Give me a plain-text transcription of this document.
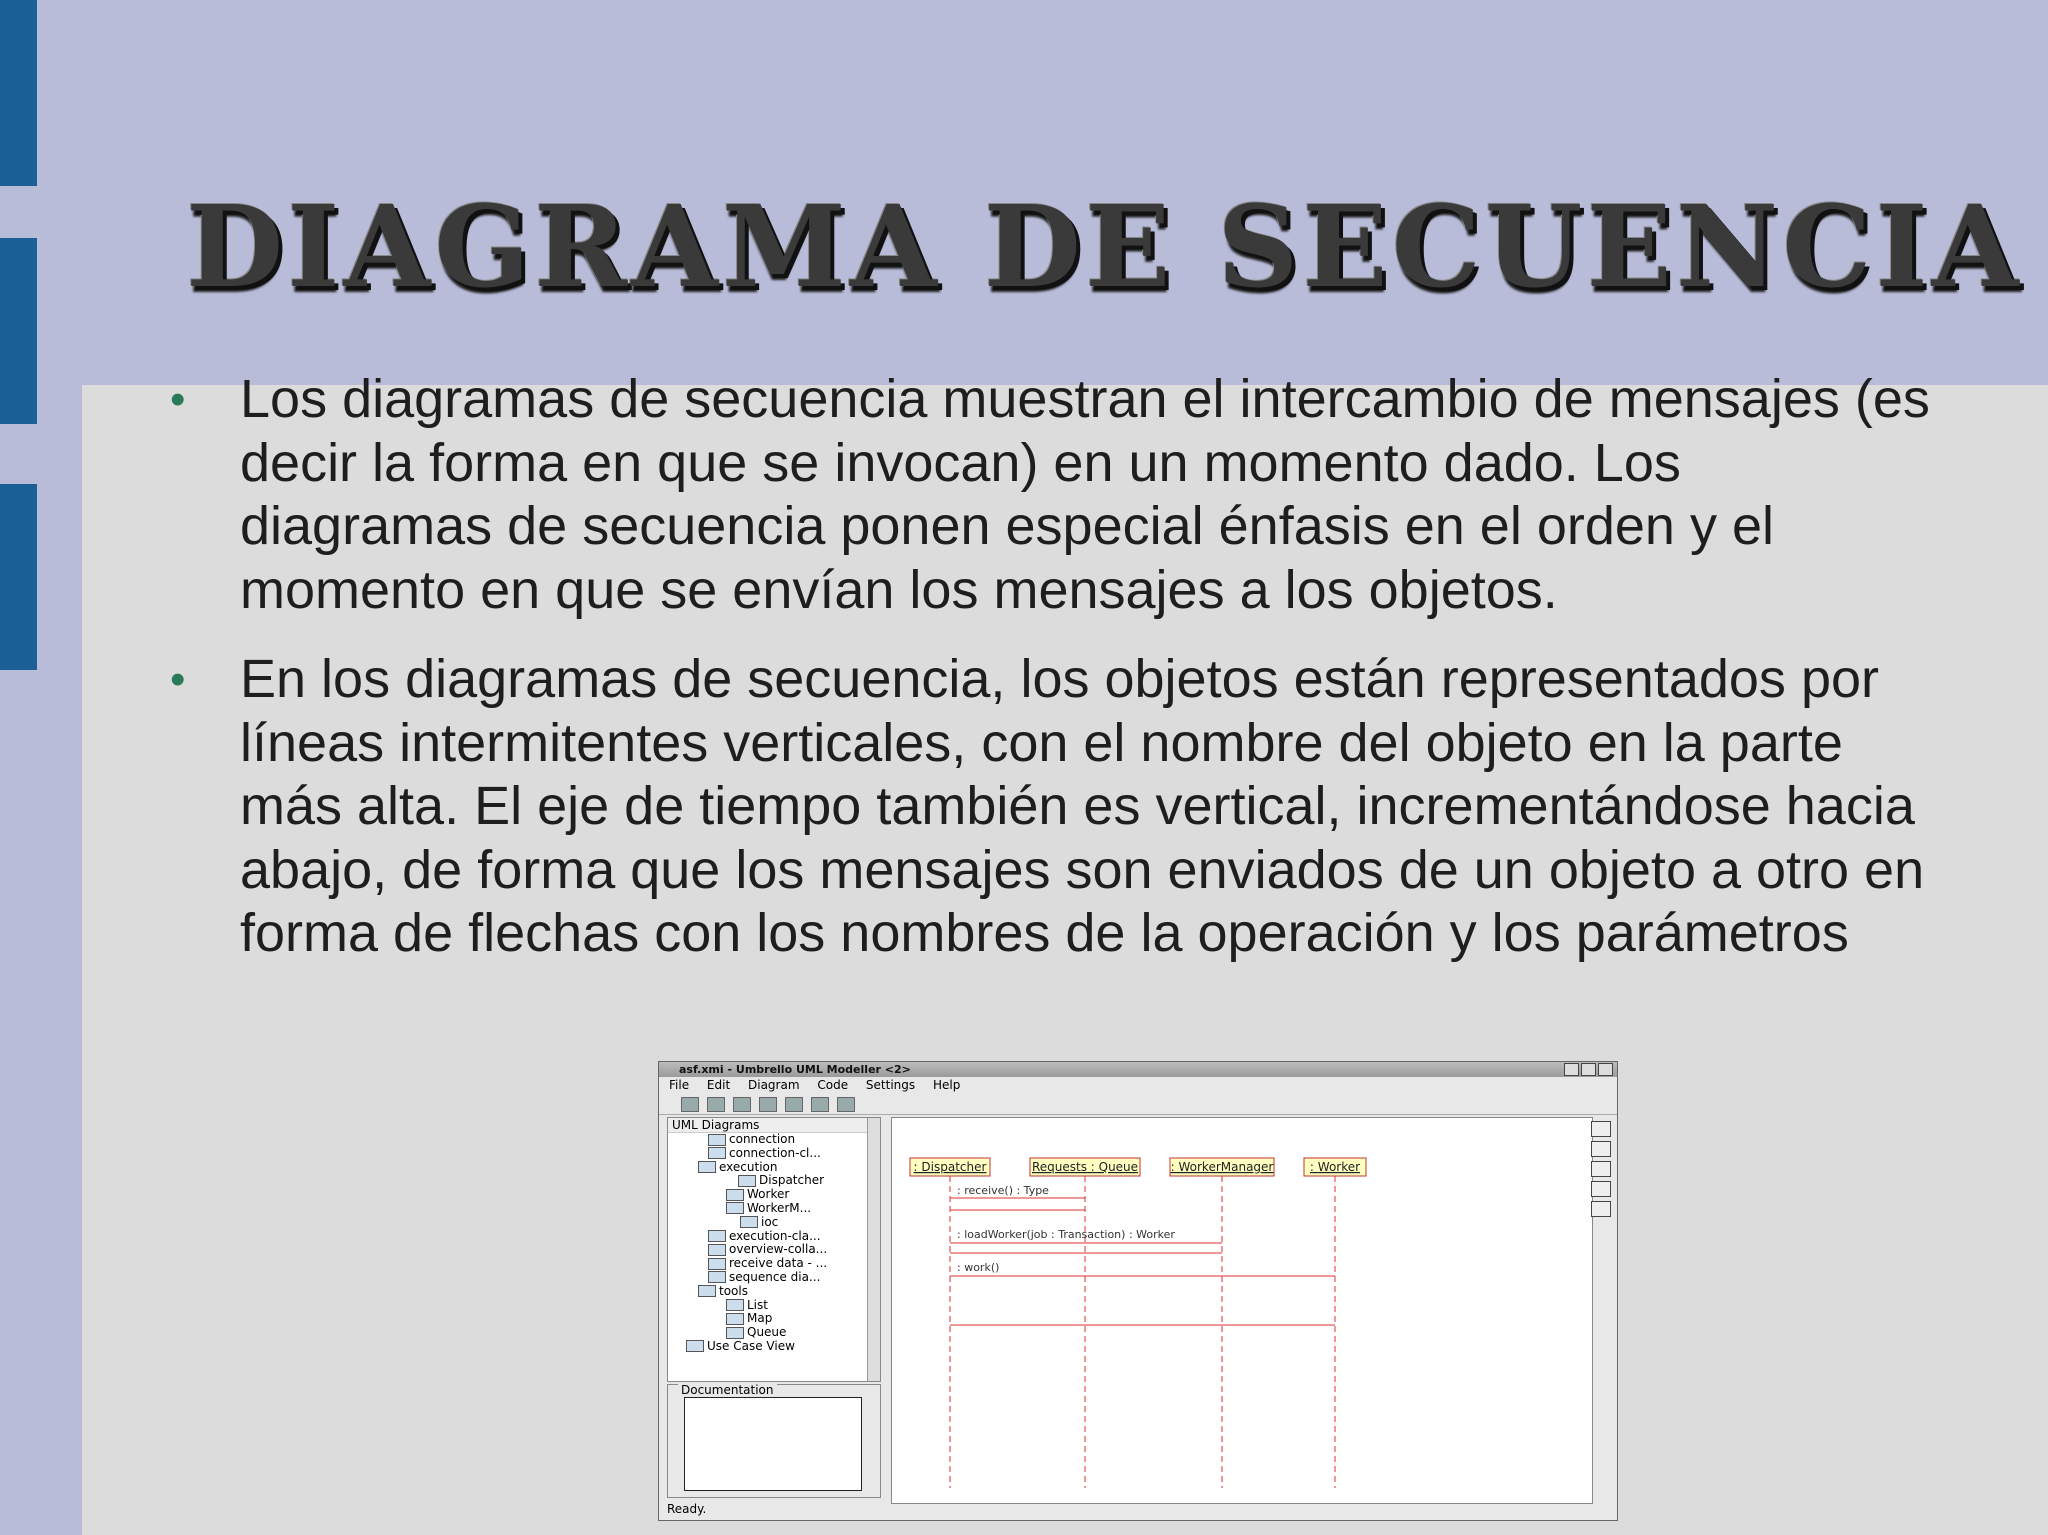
DIAGRAMA DE SECUENCIA
• Los diagramas de secuencia muestran el intercambio de mensajes (es decir la forma en que se invocan) en un momento dado. Los diagramas de secuencia ponen especial énfasis en el orden y el momento en que se envían los mensajes a los objetos.
• En los diagramas de secuencia, los objetos están representados por líneas intermitentes verticales, con el nombre del objeto en la parte más alta. El eje de tiempo también es vertical, incrementándose hacia abajo, de forma que los mensajes son enviados de un objeto a otro en forma de flechas con los nombres de la operación y los parámetros
asf.xmi - Umbrello UML Modeller <2>
File Edit Diagram Code Settings Help
UML Diagrams
connection
connection-cl...
execution
Dispatcher
Worker
WorkerM...
ioc
execution-cla...
overview-colla...
receive data - ...
sequence dia...
tools
List
Map
Queue
Use Case View
Documentation
Ready.
: Dispatcher	Requests : Queue	: WorkerManager	: Worker
: receive() : Type
: loadWorker(job : Transaction) : Worker
: work()
